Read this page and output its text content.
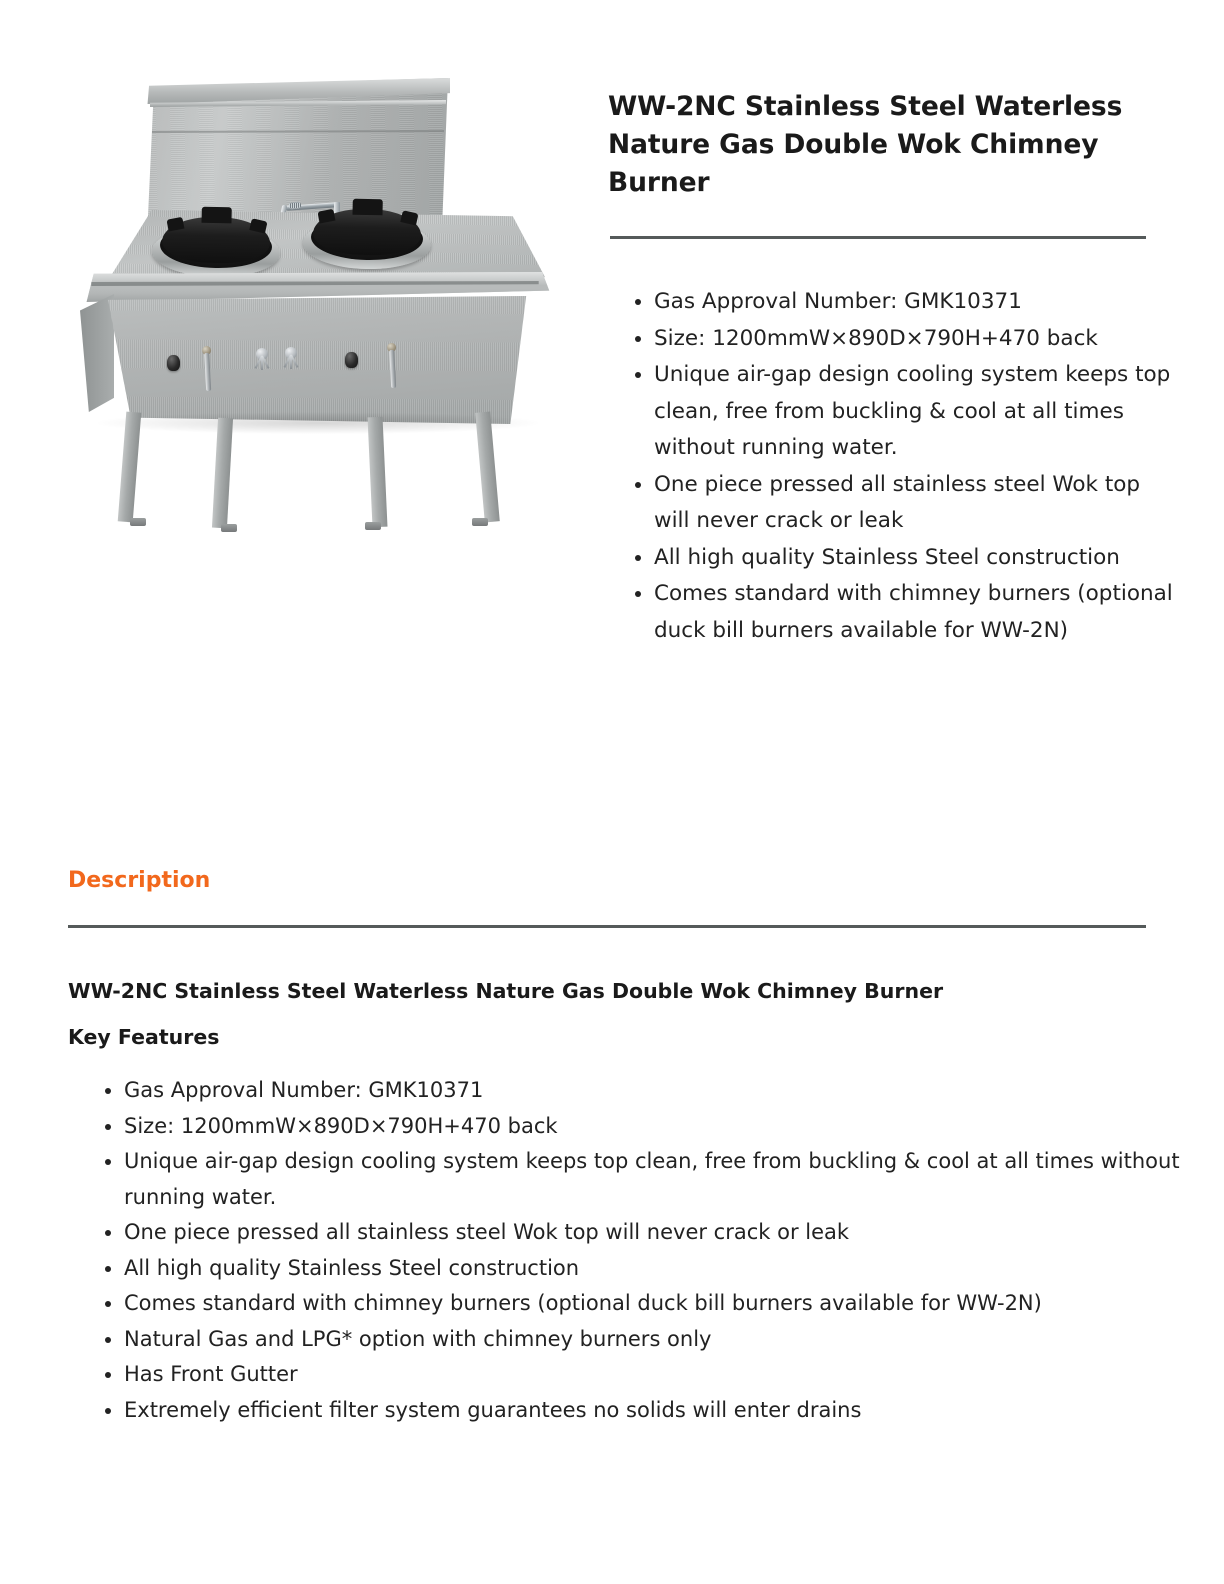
WW-2NC Stainless Steel Waterless Nature Gas Double Wok Chimney Burner
• Gas Approval Number: GMK10371
• Size: 1200mmW×890D×790H+470 back
• Unique air-gap design cooling system keeps top clean, free from buckling & cool at all times without running water.
• One piece pressed all stainless steel Wok top will never crack or leak
• All high quality Stainless Steel construction
• Comes standard with chimney burners (optional duck bill burners available for WW-2N)
Description
WW-2NC Stainless Steel Waterless Nature Gas Double Wok Chimney Burner
Key Features
• Gas Approval Number: GMK10371
• Size: 1200mmW×890D×790H+470 back
• Unique air-gap design cooling system keeps top clean, free from buckling & cool at all times without running water.
• One piece pressed all stainless steel Wok top will never crack or leak
• All high quality Stainless Steel construction
• Comes standard with chimney burners (optional duck bill burners available for WW-2N)
• Natural Gas and LPG* option with chimney burners only
• Has Front Gutter
• Extremely efficient filter system guarantees no solids will enter drains
